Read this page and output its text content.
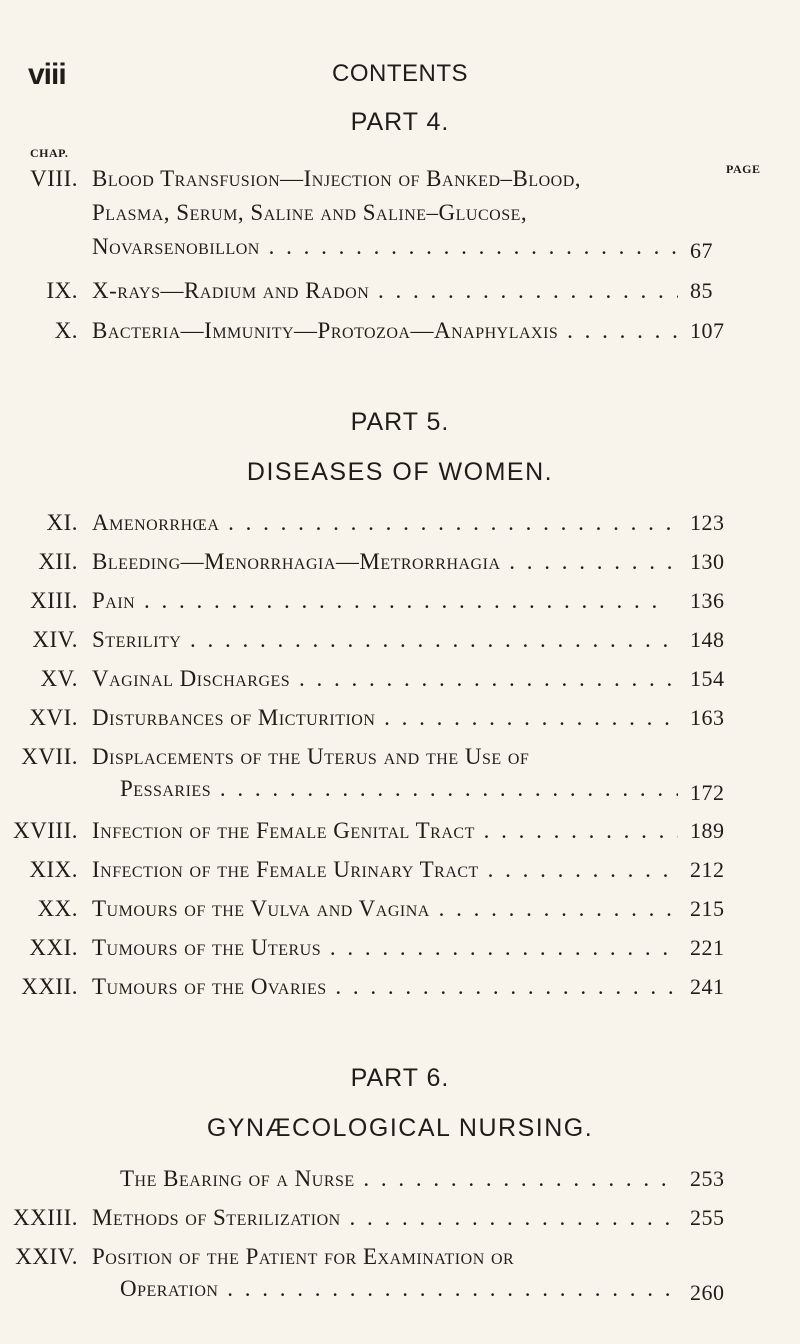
viii	CONTENTS
PART 4.
CHAP.
PAGE
VIII. Blood Transfusion—Injection of Banked–Blood,
Plasma, Serum, Saline and Saline–Glucose,
Novarsenobillon . .	67
IX. X-rays—Radium and Radon . .	85
X. Bacteria—Immunity—Protozoa—Anaphylaxis . .	107
PART 5.
DISEASES OF WOMEN.
XI. Amenorrhœa . .	123
XII. Bleeding—Menorrhagia—Metrorrhagia . .	130
XIII. Pain . .	136
XIV. Sterility . .	148
XV. Vaginal Discharges . .	154
XVI. Disturbances of Micturition . .	163
XVII. Displacements of the Uterus and the Use of
Pessaries . .	172
XVIII. Infection of the Female Genital Tract . .	189
XIX. Infection of the Female Urinary Tract . .	212
XX. Tumours of the Vulva and Vagina . .	215
XXI. Tumours of the Uterus . .	221
XXII. Tumours of the Ovaries . .	241
PART 6.
GYNÆCOLOGICAL NURSING.
The Bearing of a Nurse . .	253
XXIII. Methods of Sterilization . .	255
XXIV. Position of the Patient for Examination or
Operation . .	260
